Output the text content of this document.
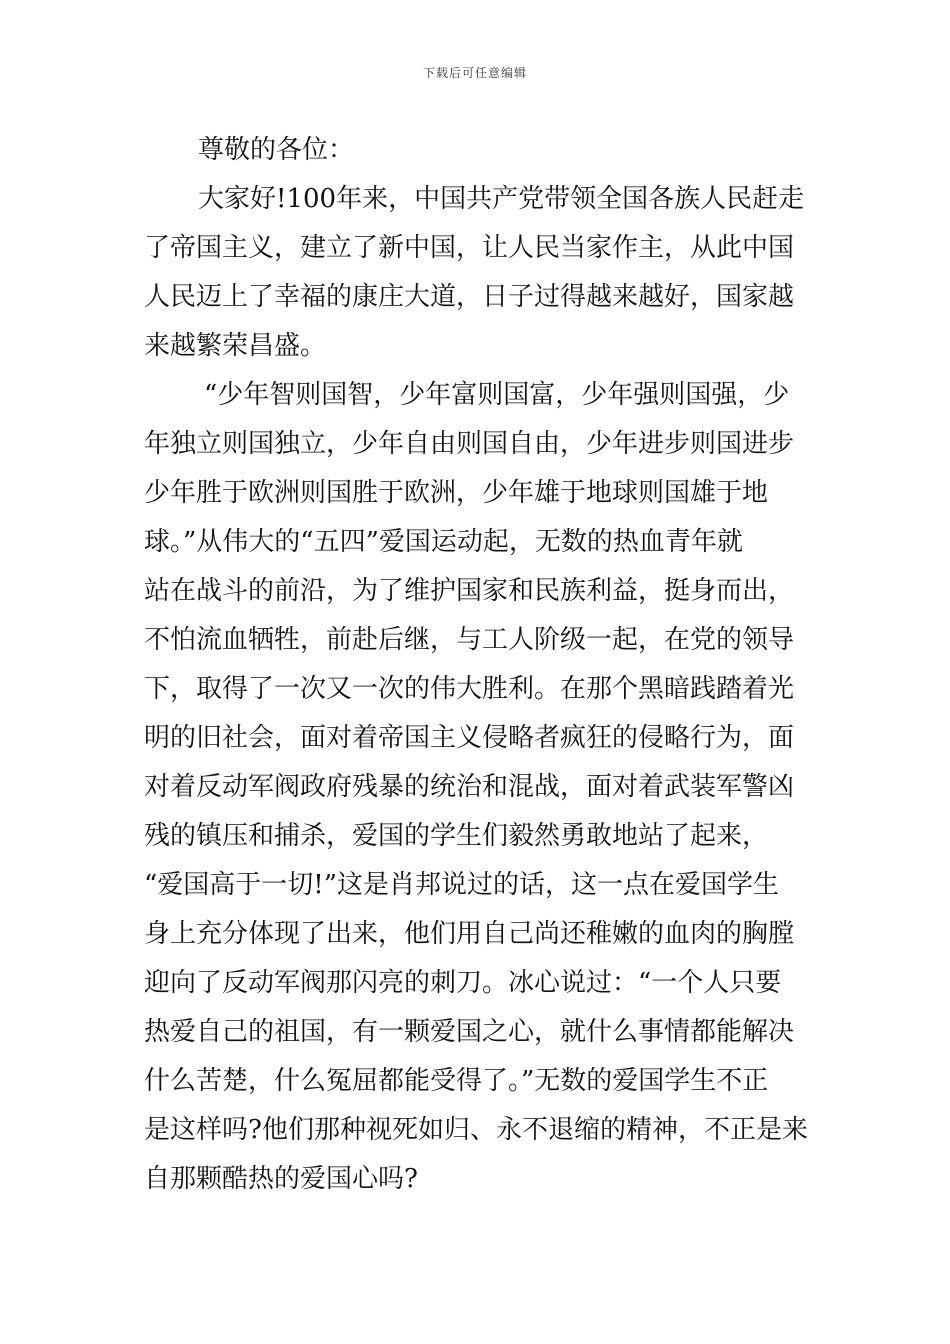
下载后可任意编辑
尊敬的各位：
大家好!100年来，中国共产党带领全国各族人民赶走
了帝国主义，建立了新中国，让人民当家作主，从此中国
人民迈上了幸福的康庄大道，日子过得越来越好，国家越
来越繁荣昌盛。
“少年智则国智，少年富则国富，少年强则国强，少
年独立则国独立，少年自由则国自由，少年进步则国进步
少年胜于欧洲则国胜于欧洲，少年雄于地球则国雄于地
球。”从伟大的“五四”爱国运动起，无数的热血青年就
站在战斗的前沿，为了维护国家和民族利益，挺身而出，
不怕流血牺牲，前赴后继，与工人阶级一起，在党的领导
下，取得了一次又一次的伟大胜利。在那个黑暗践踏着光
明的旧社会，面对着帝国主义侵略者疯狂的侵略行为，面
对着反动军阀政府残暴的统治和混战，面对着武装军警凶
残的镇压和捕杀，爱国的学生们毅然勇敢地站了起来，
“爱国高于一切!”这是肖邦说过的话，这一点在爱国学生
身上充分体现了出来，他们用自己尚还稚嫩的血肉的胸膛
迎向了反动军阀那闪亮的刺刀。冰心说过：“一个人只要
热爱自己的祖国，有一颗爱国之心，就什么事情都能解决
什么苦楚，什么冤屈都能受得了。”无数的爱国学生不正
是这样吗?他们那种视死如归、永不退缩的精神，不正是来
自那颗酷热的爱国心吗?
